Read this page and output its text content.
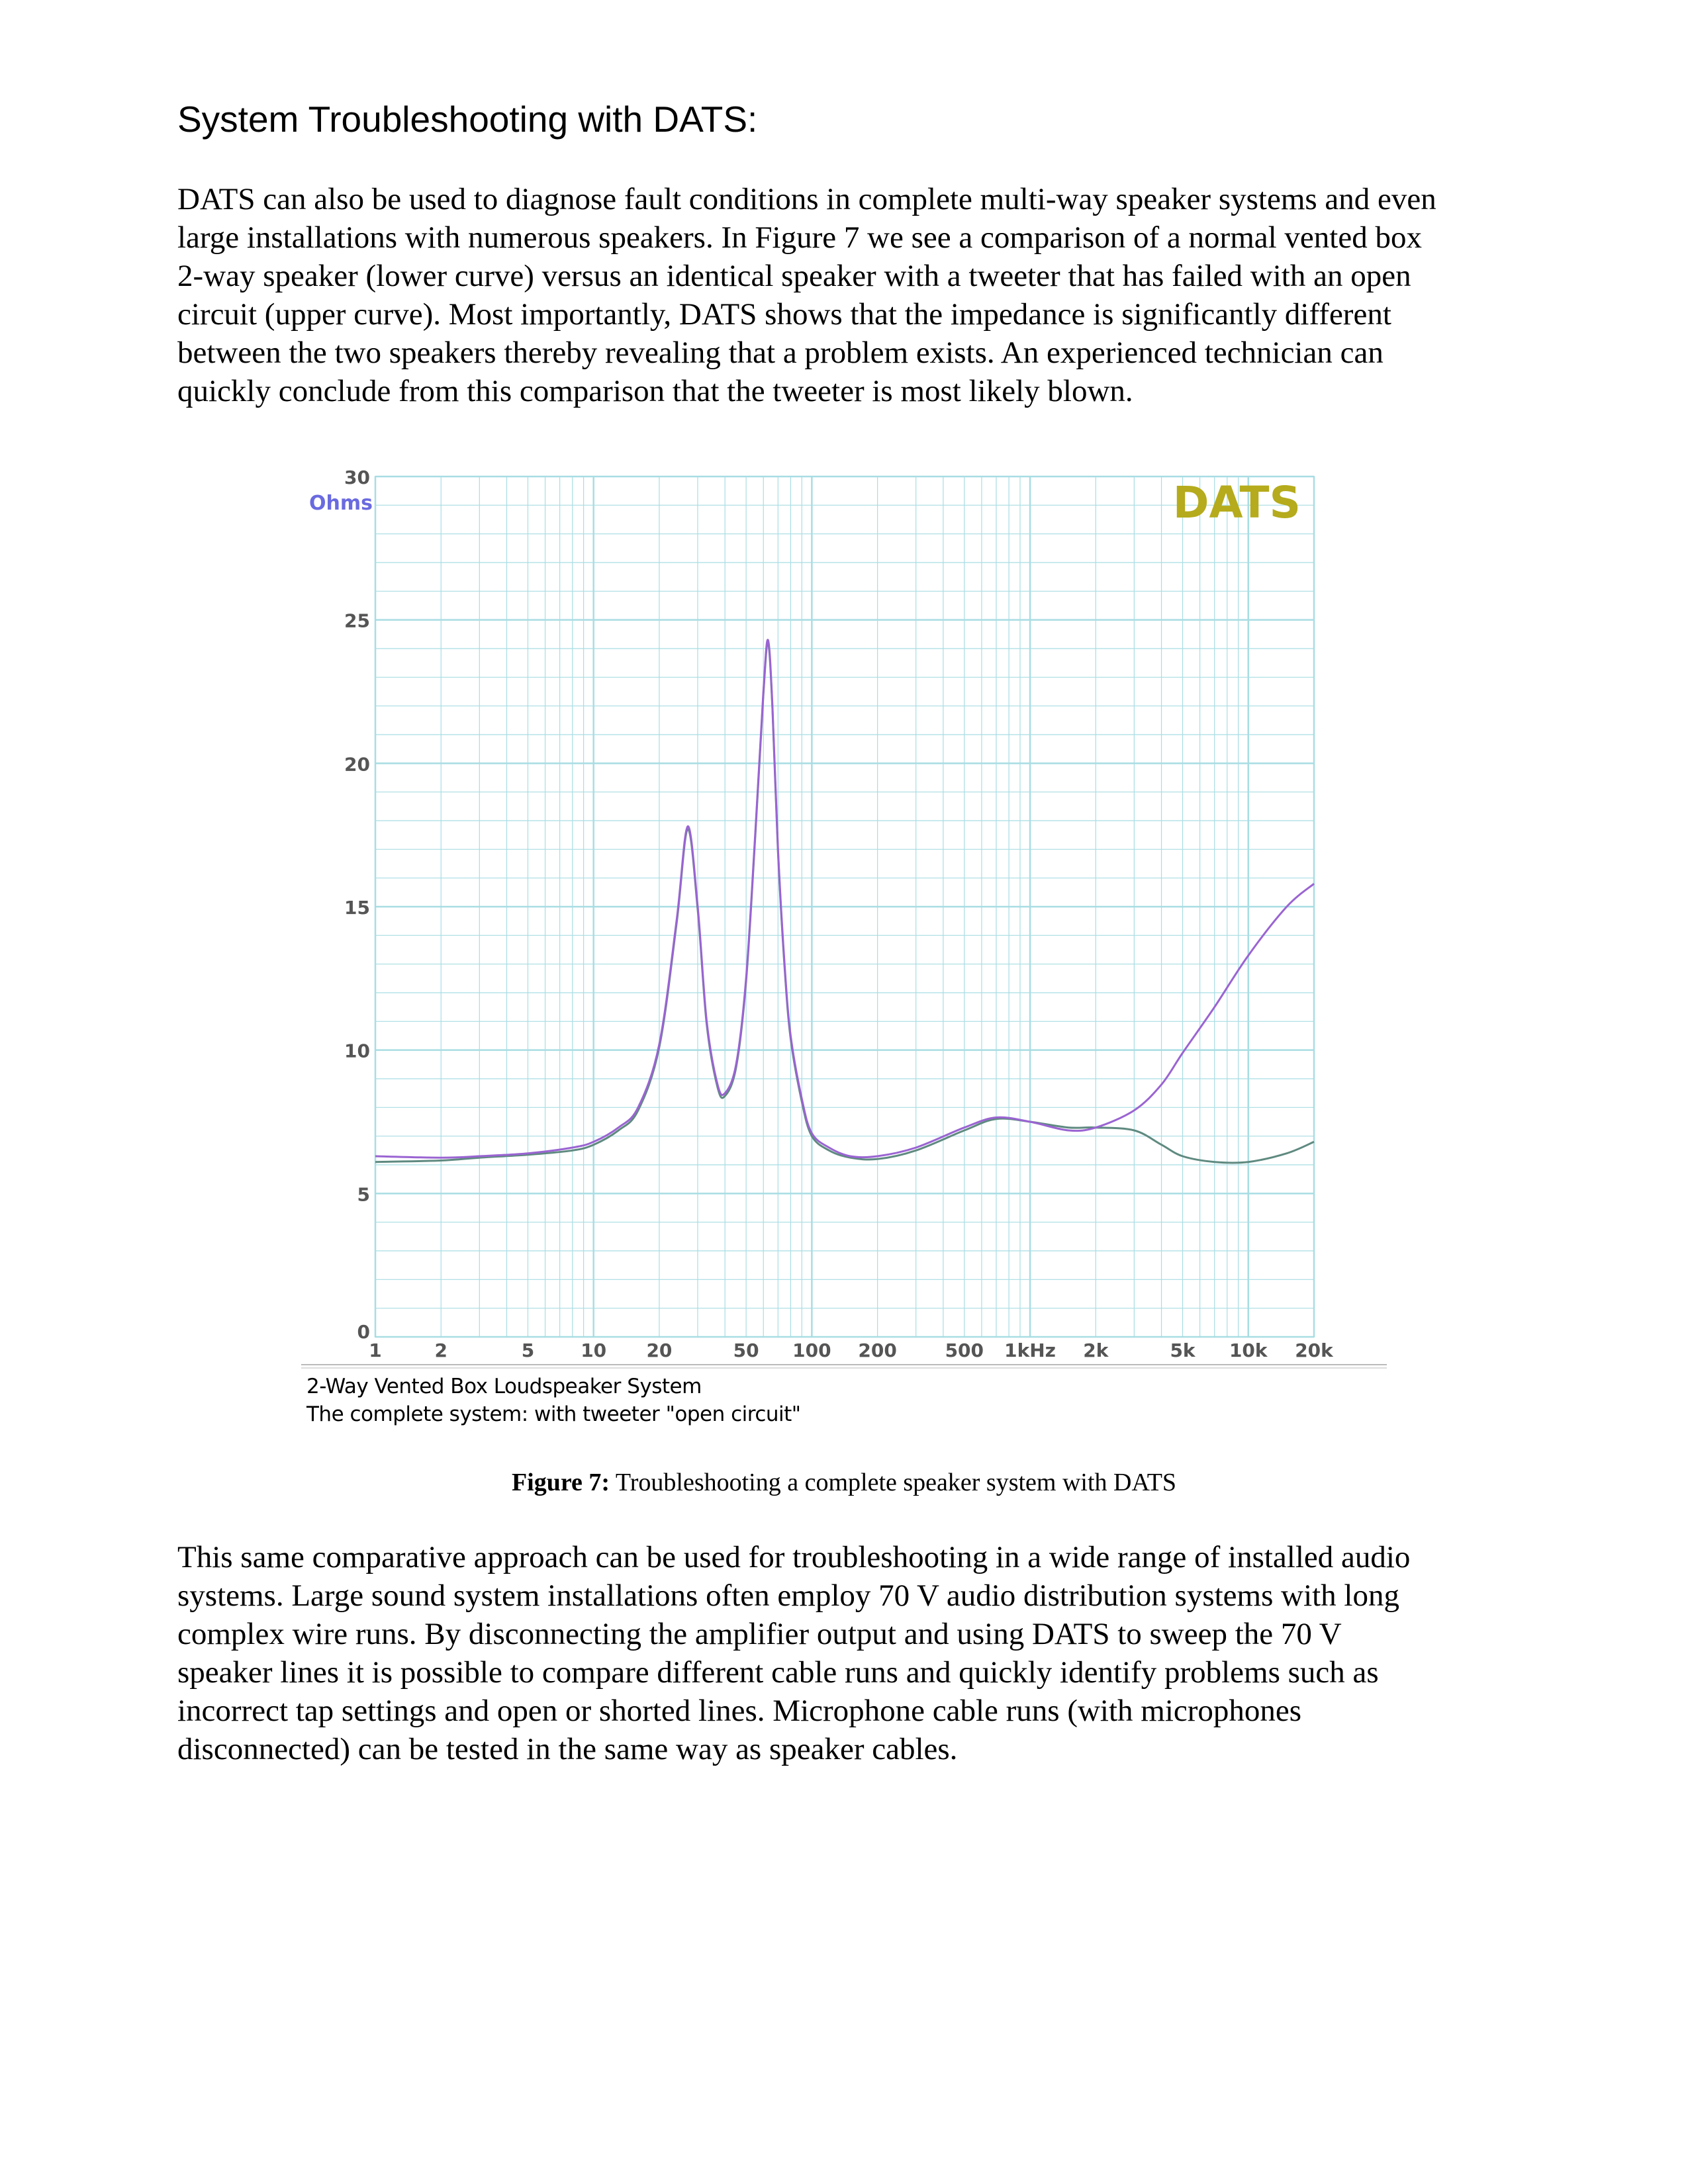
System Troubleshooting with DATS:
DATS can also be used to diagnose fault conditions in complete multi-way speaker systems and even
large installations with numerous speakers. In Figure 7 we see a comparison of a normal vented box
2-way speaker (lower curve) versus an identical speaker with a tweeter that has failed with an open
circuit (upper curve). Most importantly, DATS shows that the impedance is significantly different
between the two speakers thereby revealing that a problem exists. An experienced technician can
quickly conclude from this comparison that the tweeter is most likely blown.
Ohms	DATS
0
5
10
15
20
25
30
1	2	5	10 20	50 100 200	500 1kHz 2k	5k 10k 20k
2-Way Vented Box Loudspeaker System
The complete system: with tweeter "open circuit"
Figure 7: Troubleshooting a complete speaker system with DATS
This same comparative approach can be used for troubleshooting in a wide range of installed audio
systems. Large sound system installations often employ 70 V audio distribution systems with long
complex wire runs. By disconnecting the amplifier output and using DATS to sweep the 70 V
speaker lines it is possible to compare different cable runs and quickly identify problems such as
incorrect tap settings and open or shorted lines. Microphone cable runs (with microphones
disconnected) can be tested in the same way as speaker cables.
